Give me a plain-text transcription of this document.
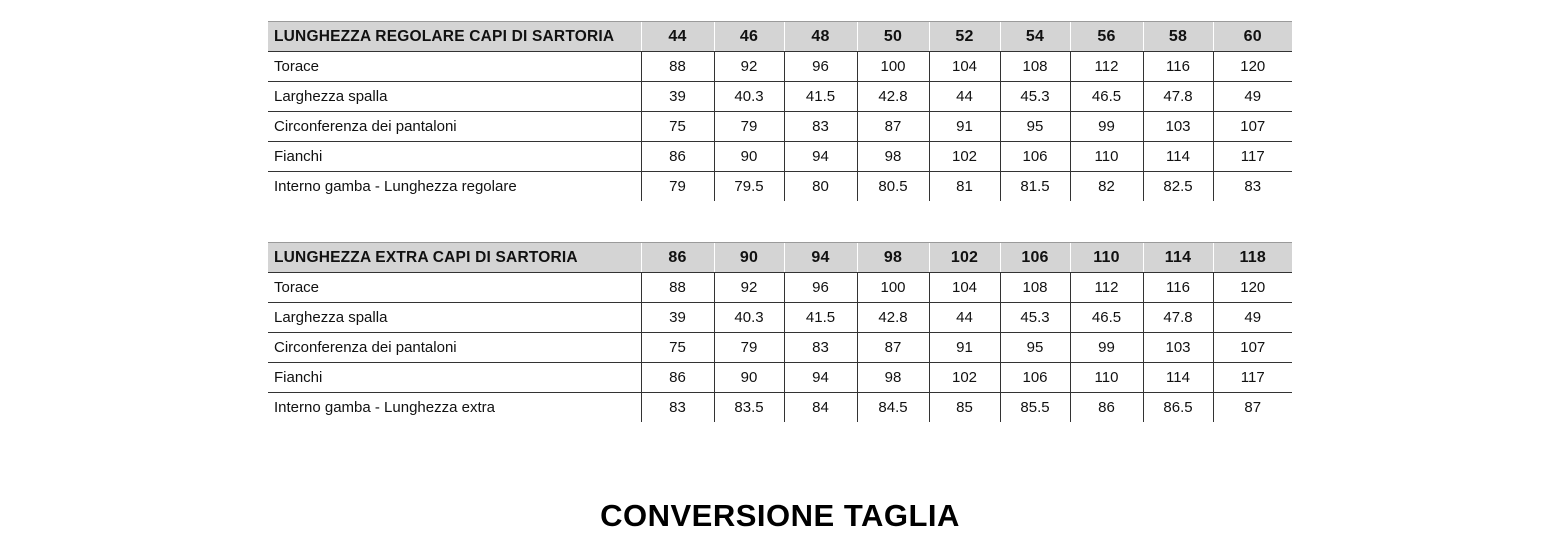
LUNGHEZZA REGOLARE CAPI DI SARTORIA	44	46	48	50	52	54	56	58	60
Torace	88	92	96	100	104	108	112	116	120
Larghezza spalla	39	40.3	41.5	42.8	44	45.3	46.5	47.8	49
Circonferenza dei pantaloni	75	79	83	87	91	95	99	103	107
Fianchi	86	90	94	98	102	106	110	114	117
Interno gamba - Lunghezza regolare	79	79.5	80	80.5	81	81.5	82	82.5	83
LUNGHEZZA EXTRA CAPI DI SARTORIA	86	90	94	98	102	106	110	114	118
Torace	88	92	96	100	104	108	112	116	120
Larghezza spalla	39	40.3	41.5	42.8	44	45.3	46.5	47.8	49
Circonferenza dei pantaloni	75	79	83	87	91	95	99	103	107
Fianchi	86	90	94	98	102	106	110	114	117
Interno gamba - Lunghezza extra	83	83.5	84	84.5	85	85.5	86	86.5	87
CONVERSIONE TAGLIA
